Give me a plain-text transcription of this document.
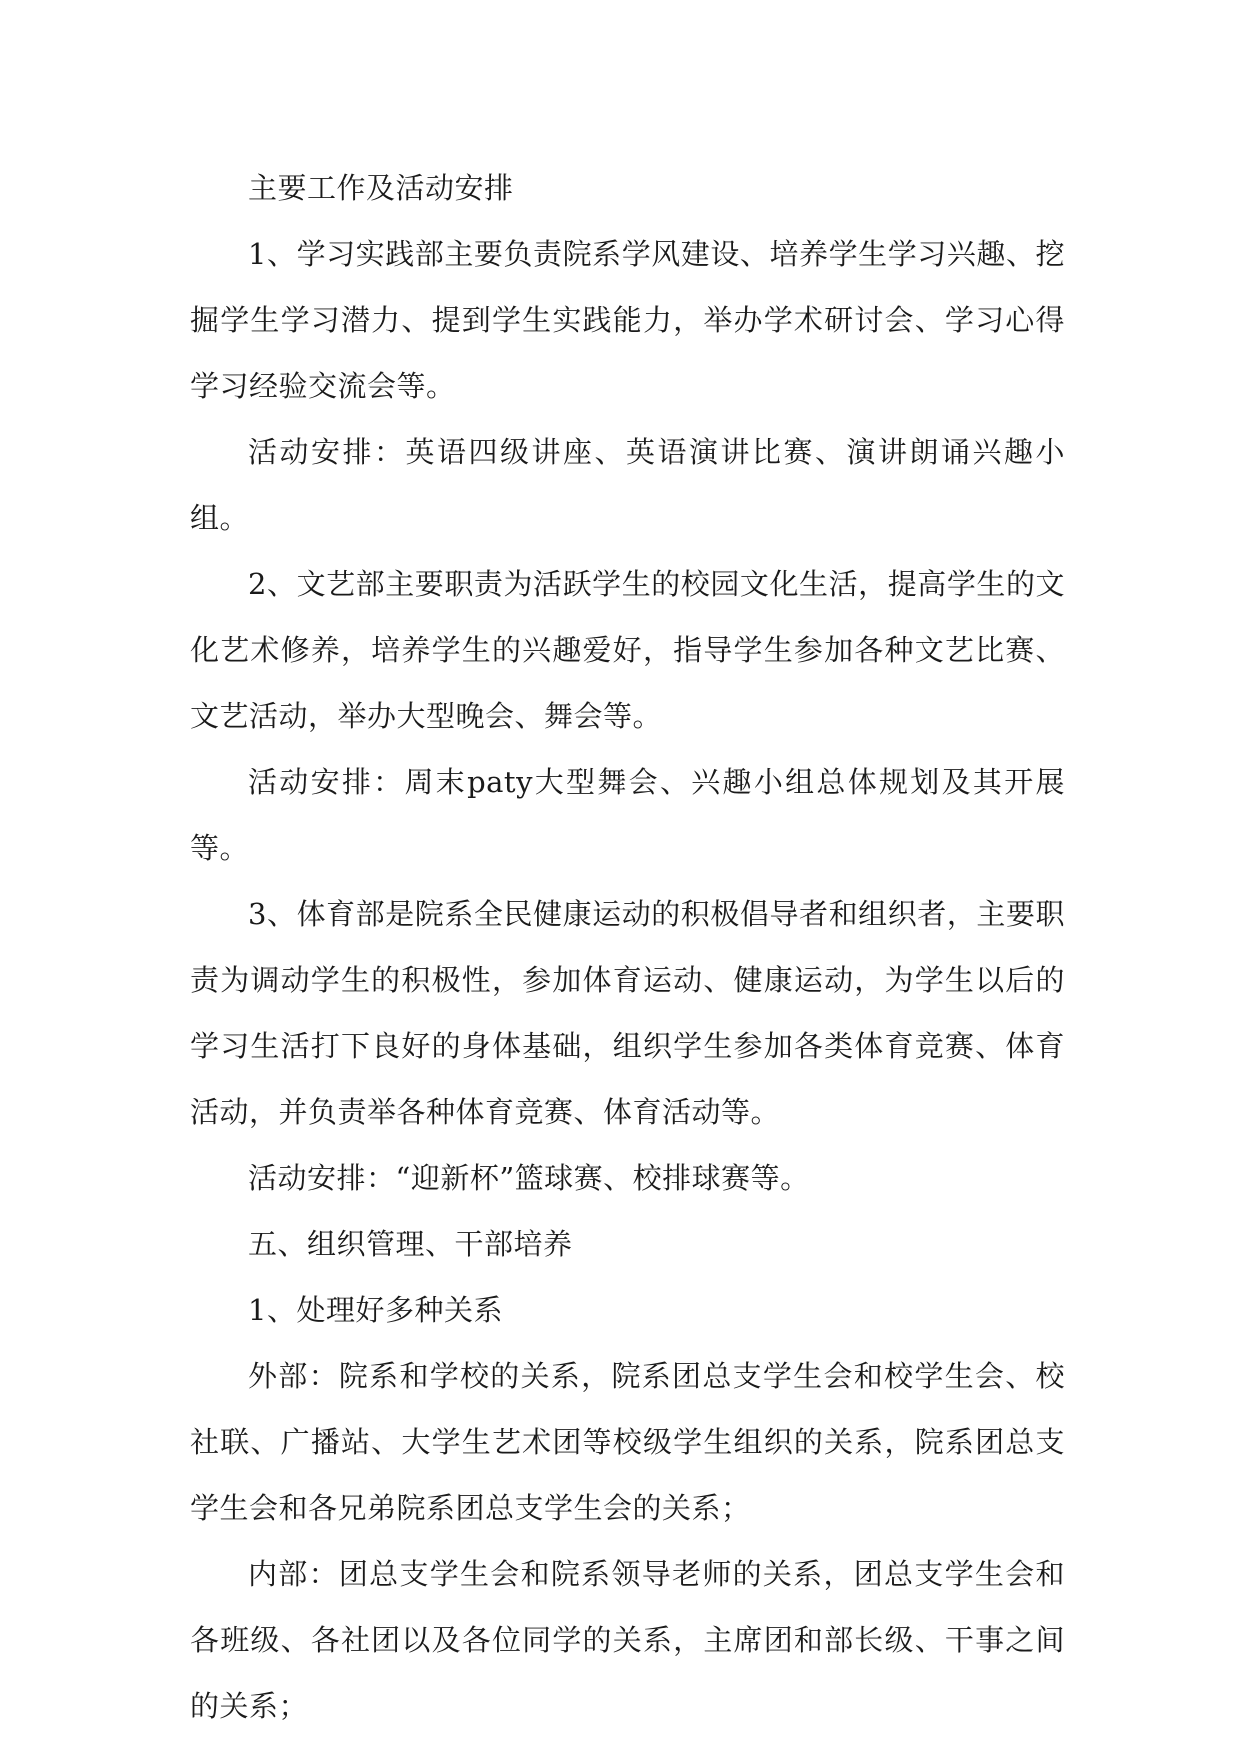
主要工作及活动安排

1、学习实践部主要负责院系学风建设、培养学生学习兴趣、挖掘学生学习潜力、提到学生实践能力，举办学术研讨会、学习心得学习经验交流会等。

活动安排：英语四级讲座、英语演讲比赛、演讲朗诵兴趣小组。

2、文艺部主要职责为活跃学生的校园文化生活，提高学生的文化艺术修养，培养学生的兴趣爱好，指导学生参加各种文艺比赛、文艺活动，举办大型晚会、舞会等。

活动安排：周末paty大型舞会、兴趣小组总体规划及其开展等。

3、体育部是院系全民健康运动的积极倡导者和组织者，主要职责为调动学生的积极性，参加体育运动、健康运动，为学生以后的学习生活打下良好的身体基础，组织学生参加各类体育竞赛、体育活动，并负责举各种体育竞赛、体育活动等。

活动安排：“迎新杯”篮球赛、校排球赛等。

五、组织管理、干部培养

1、处理好多种关系

外部：院系和学校的关系，院系团总支学生会和校学生会、校社联、广播站、大学生艺术团等校级学生组织的关系，院系团总支学生会和各兄弟院系团总支学生会的关系；

内部：团总支学生会和院系领导老师的关系，团总支学生会和各班级、各社团以及各位同学的关系，主席团和部长级、干事之间的关系；
